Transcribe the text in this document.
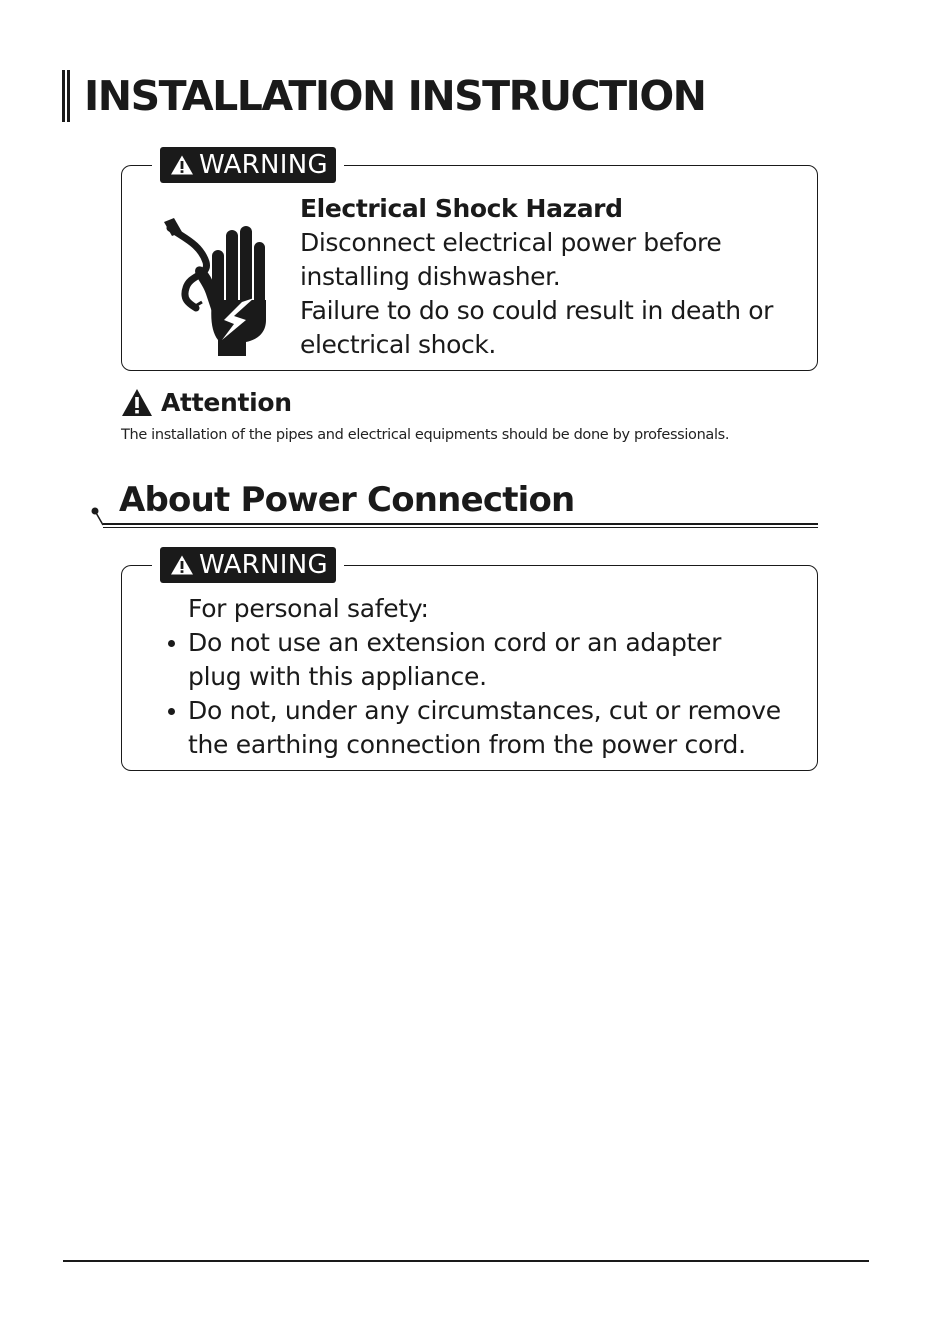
INSTALLATION INSTRUCTION
WARNING

Electrical Shock Hazard
Disconnect electrical power before
installing dishwasher.
Failure to do so could result in death or
electrical shock.

Attention
The installation of the pipes and electrical equipments should be done by professionals.
About Power Connection
WARNING
For personal safety:
Do not use an extension cord or an adapter
plug with this appliance.
Do not, under any circumstances, cut or remove
the earthing connection from the power cord.
